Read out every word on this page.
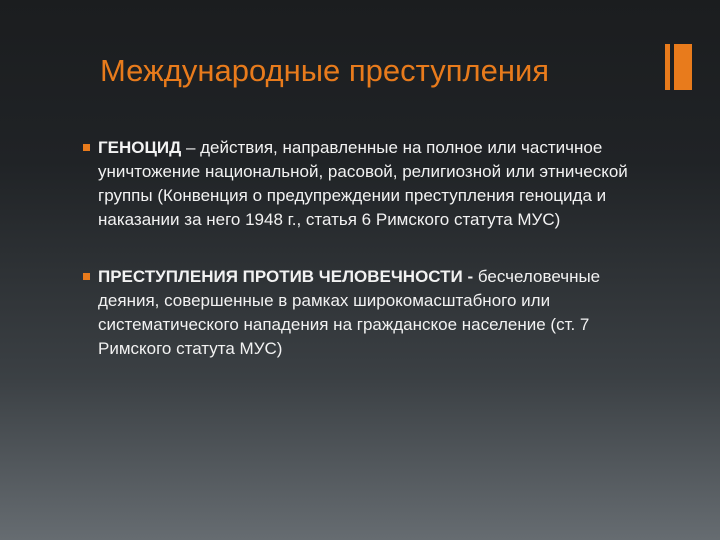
Международные преступления
ГЕНОЦИД – действия, направленные на полное или частичное уничтожение национальной, расовой, религиозной или этнической группы (Конвенция о предупреждении преступления геноцида и наказании за него 1948 г., статья 6 Римского статута МУС)
ПРЕСТУПЛЕНИЯ ПРОТИВ ЧЕЛОВЕЧНОСТИ - бесчеловечные деяния, совершенные в рамках широкомасштабного или систематического нападения на гражданское население (ст. 7 Римского статута МУС)
